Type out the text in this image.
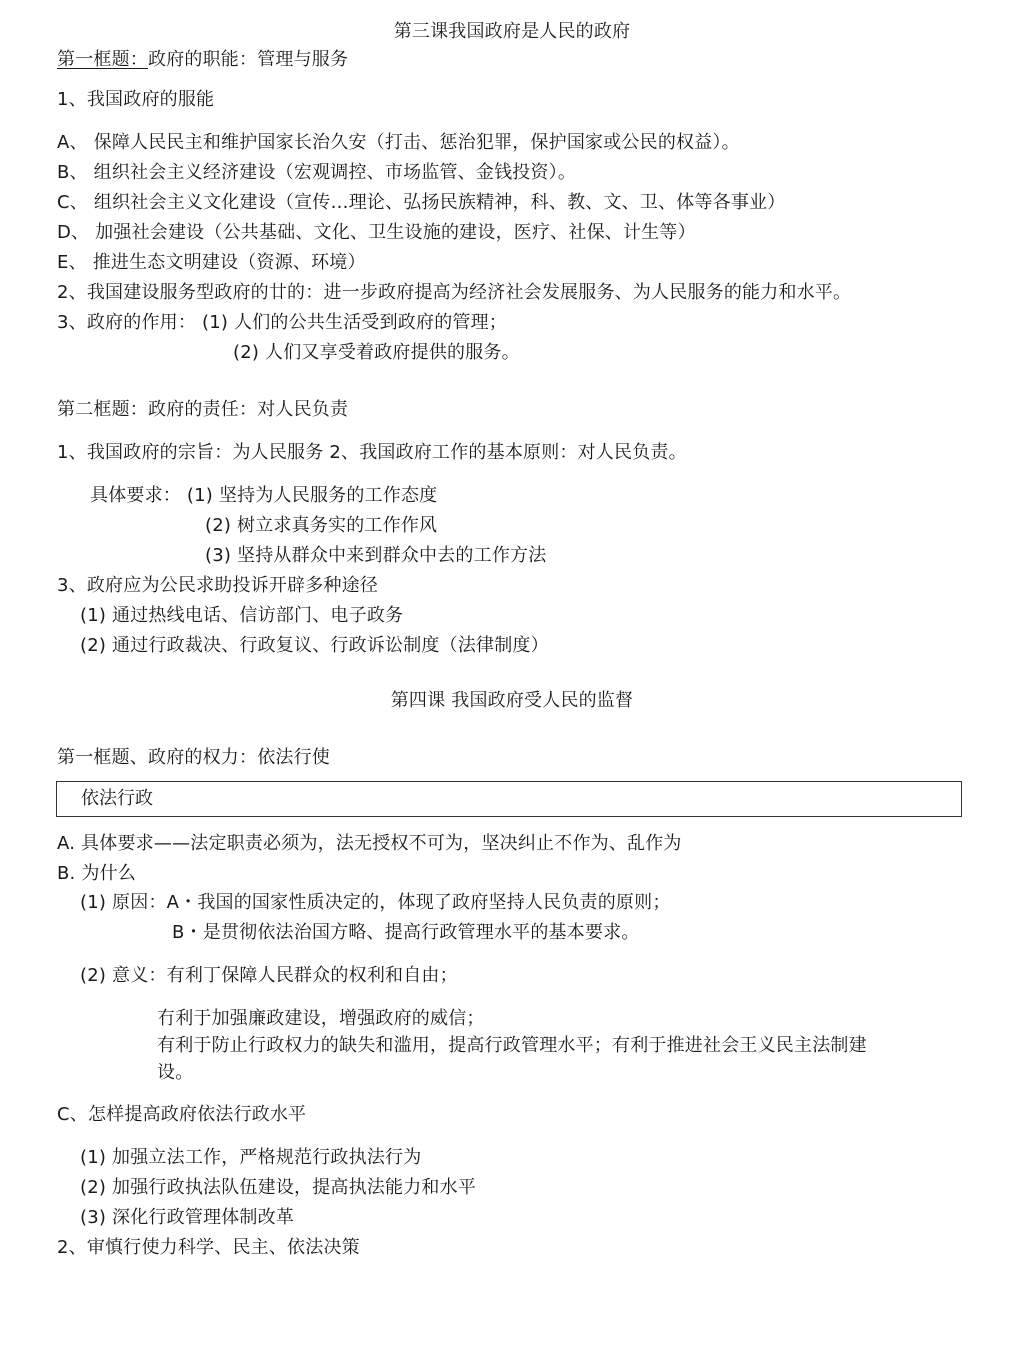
第三课我国政府是人民的政府
第一框题：政府的职能：管理与服务
1、我国政府的服能
A、 保障人民民主和维护国家长治久安（打击、惩治犯罪，保护国家或公民的权益）。
B、 组织社会主义经济建设（宏观调控、市场监管、金钱投资）。
C、 组织社会主义文化建设（宣传…理论、弘扬民族精神，科、教、文、卫、体等各事业）
D、 加强社会建设（公共基础、文化、卫生设施的建设，医疗、社保、计生等）
E、 推进生态文明建设（资源、环境）
2、我国建设服务型政府的廿的：进一步政府提高为经济社会发展服务、为人民服务的能力和水平。
3、政府的作用： (1) 人们的公共生活受到政府的管理；
(2) 人们又享受着政府提供的服务。
第二框题：政府的责任：对人民负责
1、我国政府的宗旨：为人民服务 2、我国政府工作的基本原则：对人民负责。
具体要求： (1) 坚持为人民服务的工作态度
(2) 树立求真务实的工作作风
(3) 坚持从群众中来到群众中去的工作方法
3、政府应为公民求助投诉开辟多种途径
(1) 通过热线电话、信访部门、电子政务
(2) 通过行政裁决、行政复议、行政诉讼制度（法律制度）
第四课 我国政府受人民的监督
第一框题、政府的权力：依法行使
依法行政
A. 具体要求——法定职责必须为，法无授权不可为，坚决纠止不作为、乱作为
B. 为什么
(1) 原因：A・我国的国家性质决定的，体现了政府坚持人民负责的原则；
B・是贯彻依法治国方略、提高行政管理水平的基本要求。
(2) 意义：有利丁保障人民群众的权利和自由；
冇利于加强廉政建设，增强政府的威信；
有利于防止行政权力的缺失和滥用，提高行政管理水平；有利于推进社会王义民主法制建
设。
C、怎样提高政府依法行政水平
(1) 加强立法工作，严格规范行政执法行为
(2) 加强行政执法队伍建设，提高执法能力和水平
(3) 深化行政管理体制改革
2、审慎行使力科学、民主、依法决策
